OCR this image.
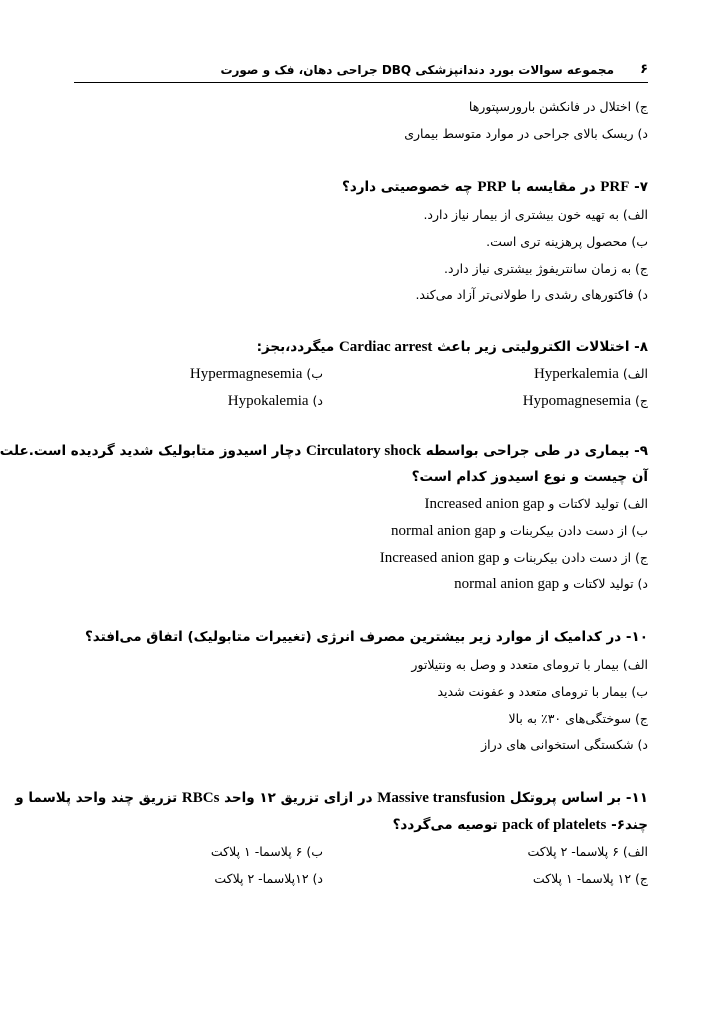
۶
مجموعه سوالات بورد دندانپزشکی DBQ جراحی دهان، فک و صورت
ج) اختلال در فانکشن بارورسپتورها
د) ریسک بالای جراحی در موارد متوسط بیماری
۷- PRF در مقایسه با PRP چه خصوصیتی دارد؟
الف) به تهیه خون بیشتری از بیمار نیاز دارد.
ب) محصول پرهزینه تری است.
ج) به زمان سانتریفوژ بیشتری نیاز دارد.
د) فاکتورهای رشدی را طولانی‌تر آزاد می‌کند.
۸- اختلالات الکترولیتی زیر باعث Cardiac arrest میگردد،بجز:
الف) Hyperkalemia
ب) Hypermagnesemia
ج) Hypomagnesemia
د) Hypokalemia
۹- بیماری در طی جراحی بواسطه Circulatory shock دچار اسیدوز متابولیک شدید گردیده است.علت
آن چیست و نوع اسیدوز کدام است؟
الف) تولید لاکتات و Increased anion gap
ب) از دست دادن بیکربنات و normal anion gap
ج) از دست دادن بیکربنات و Increased anion gap
د) تولید لاکتات و normal anion gap
۱۰- در کدامیک از موارد زیر بیشترین مصرف انرژی (تغییرات متابولیک) اتفاق می‌افتد؟
الف) بیمار با ترومای متعدد و وصل به ونتیلاتور
ب) بیمار با ترومای متعدد و عفونت شدید
ج) سوختگی‌های ۳۰٪ به بالا
د) شکستگی استخوانی های دراز
۱۱- بر اساس پروتکل Massive transfusion در ازای تزریق ۱۲ واحد RBCs تزریق چند واحد پلاسما و
چندpack of platelets -۶ توصیه می‌گردد؟
الف) ۶ پلاسما- ۲ پلاکت
ب) ۶ پلاسما- ۱ پلاکت
ج) ۱۲ پلاسما- ۱ پلاکت
د) ۱۲پلاسما- ۲ پلاکت
